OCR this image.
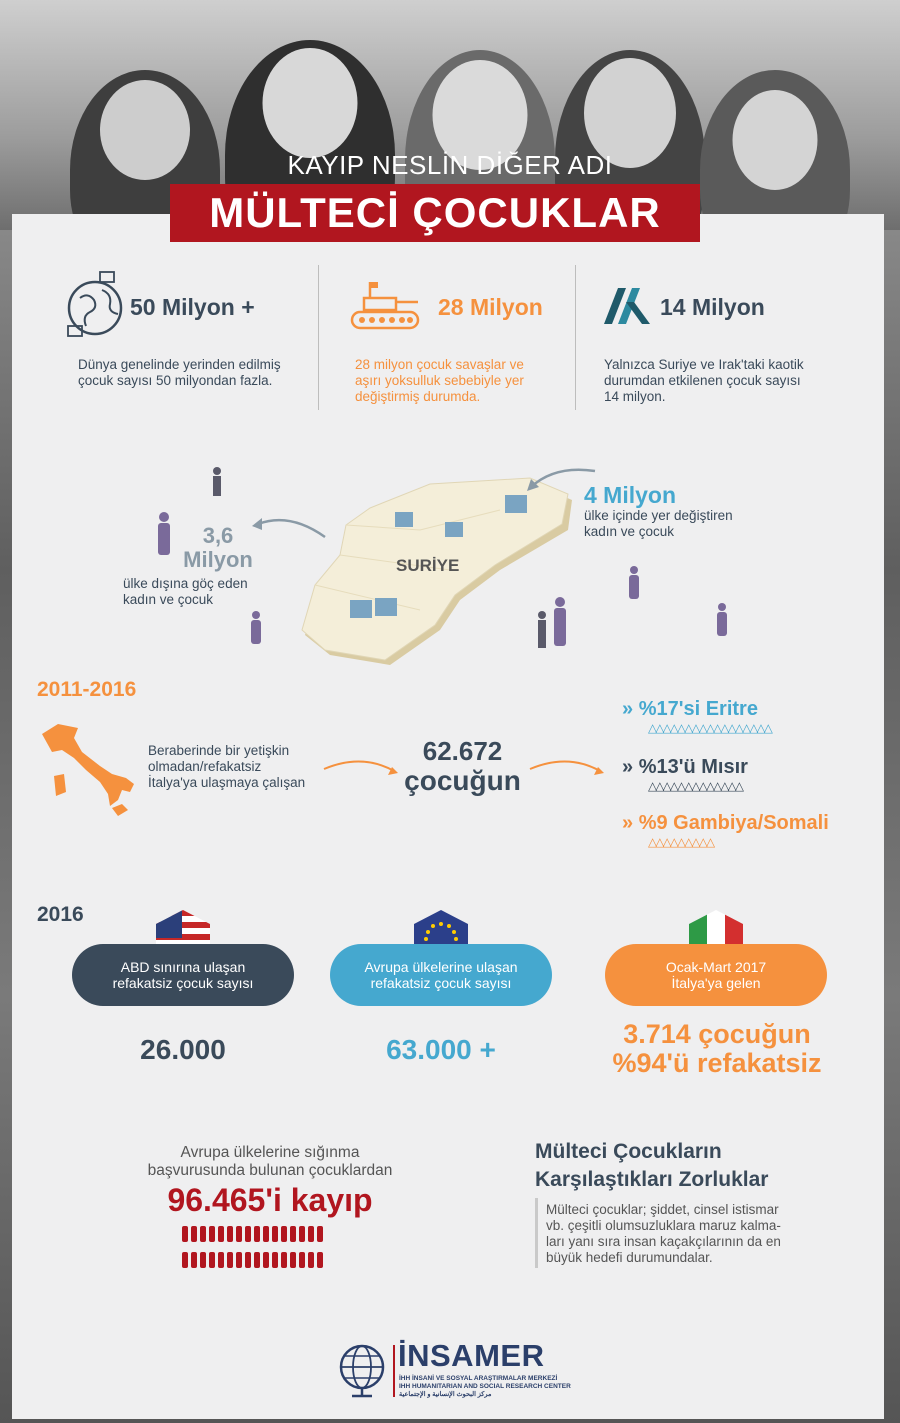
KAYIP NESLİN DİĞER ADI
MÜLTECİ ÇOCUKLAR
50 Milyon +
Dünya genelinde yerinden edilmiş
çocuk sayısı 50 milyondan fazla.
28 Milyon
28 milyon çocuk savaşlar ve
aşırı yoksulluk sebebiyle yer
değiştirmiş durumda.
14 Milyon
Yalnızca Suriye ve Irak'taki kaotik
durumdan etkilenen çocuk sayısı
14 milyon.
SURİYE
3,6
Milyon
ülke dışına göç eden
kadın ve çocuk
4 Milyon
ülke içinde yer değiştiren
kadın ve çocuk
2011-2016
Beraberinde bir yetişkin
olmadan/refakatsiz
İtalya'ya ulaşmaya çalışan
62.672
çocuğun
» %17'si Eritre
△△△△△△△△△△△△△△△△△
» %13'ü Mısır
△△△△△△△△△△△△△
» %9 Gambiya/Somali
△△△△△△△△△
2016
ABD sınırına ulaşan
refakatsiz çocuk sayısı
26.000
Avrupa ülkelerine ulaşan
refakatsiz çocuk sayısı
63.000 +
Ocak-Mart 2017
İtalya'ya gelen
3.714 çocuğun
%94'ü refakatsiz
Avrupa ülkelerine sığınma
başvurusunda bulunan çocuklardan
96.465'i kayıp
Mülteci Çocukların
Karşılaştıkları Zorluklar
Mülteci çocuklar; şiddet, cinsel istismar
vb. çeşitli olumsuzluklara maruz kalma-
ları yanı sıra insan kaçakçılarının da en
büyük hedefi durumundalar.
İNSAMER
İHH İNSANİ VE SOSYAL ARAŞTIRMALAR MERKEZİ
IHH HUMANITARIAN AND SOCIAL RESEARCH CENTER
مركز البحوث الإنسانية و الإجتماعية
